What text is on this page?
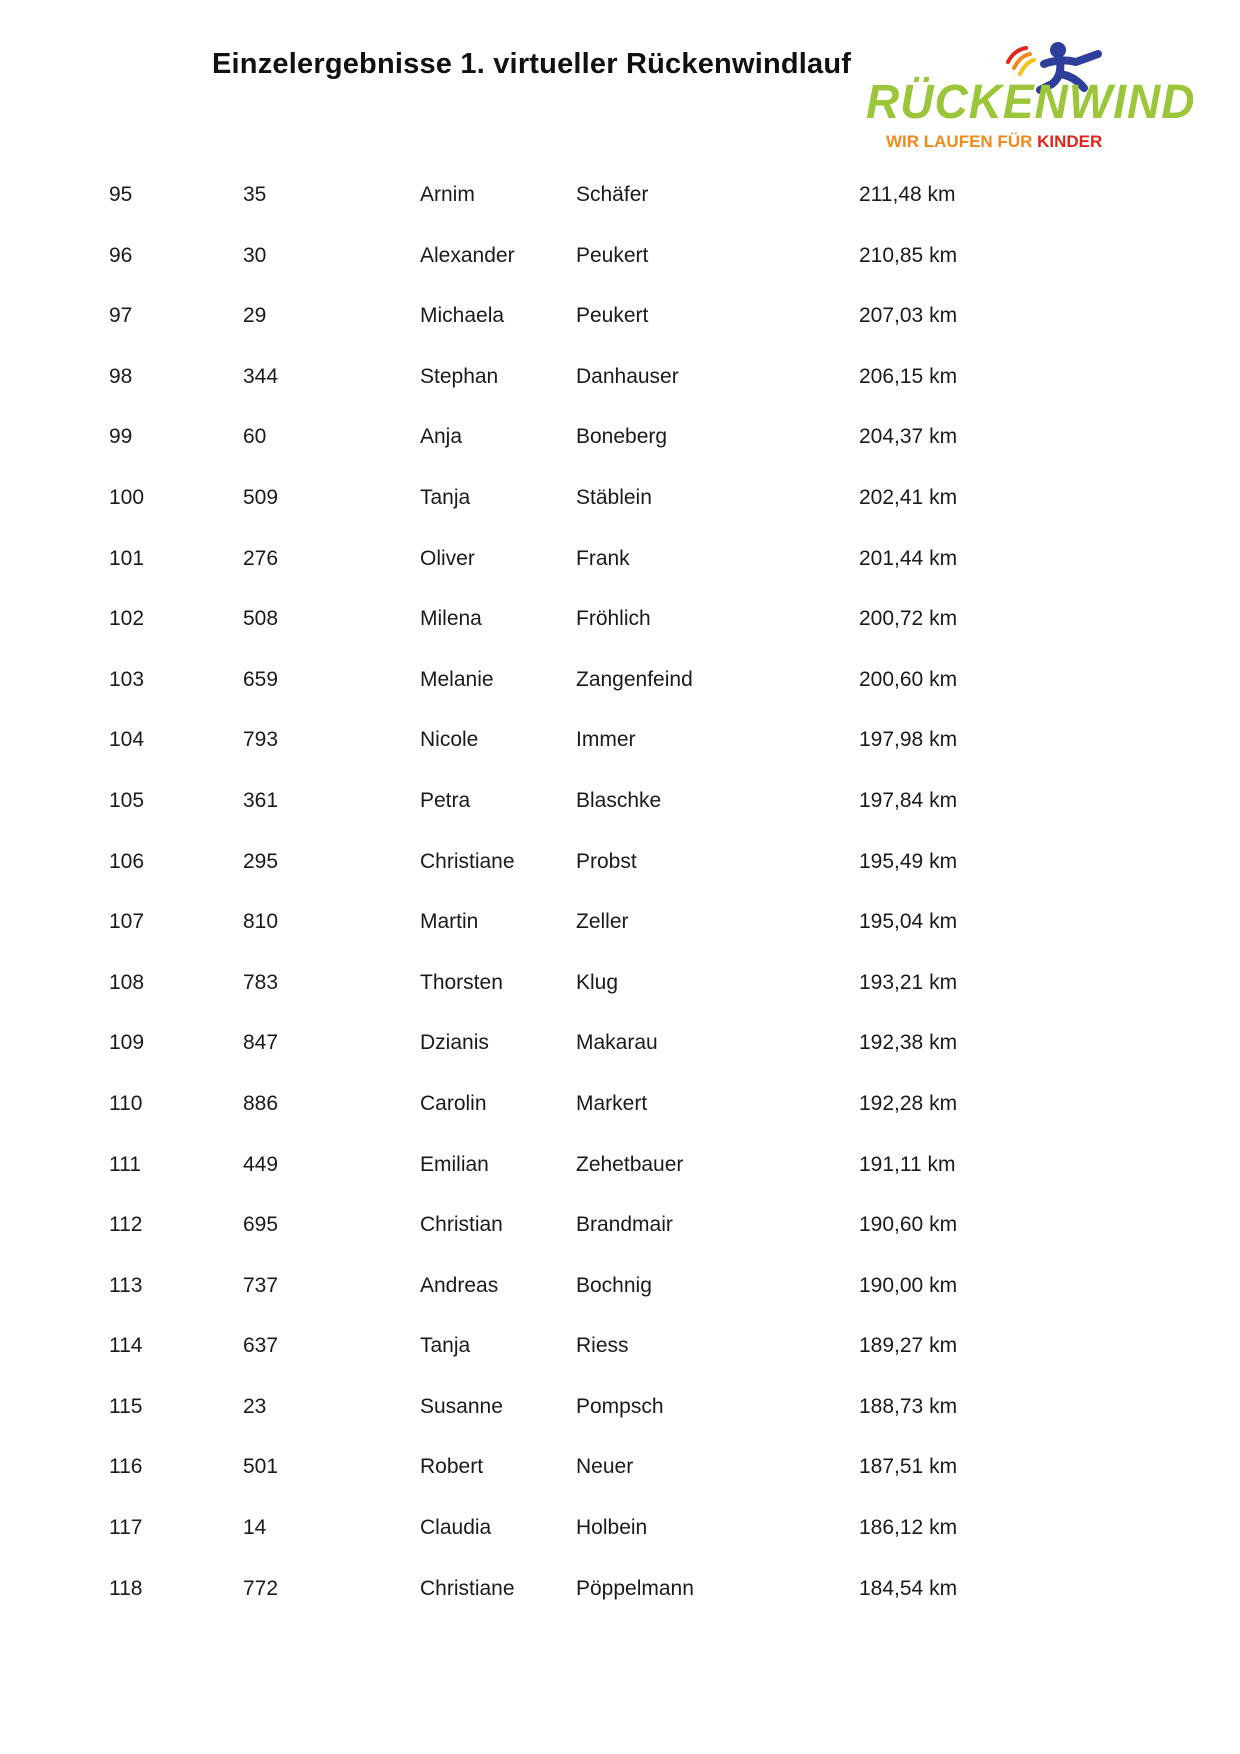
Einzelergebnisse 1. virtueller Rückenwindlauf
RÜCKENWIND
WIR LAUFEN FÜR KINDER
95	35	Arnim	Schäfer	211,48 km
96	30	Alexander	Peukert	210,85 km
97	29	Michaela	Peukert	207,03 km
98	344	Stephan	Danhauser	206,15 km
99	60	Anja	Boneberg	204,37 km
100	509	Tanja	Stäblein	202,41 km
101	276	Oliver	Frank	201,44 km
102	508	Milena	Fröhlich	200,72 km
103	659	Melanie	Zangenfeind	200,60 km
104	793	Nicole	Immer	197,98 km
105	361	Petra	Blaschke	197,84 km
106	295	Christiane	Probst	195,49 km
107	810	Martin	Zeller	195,04 km
108	783	Thorsten	Klug	193,21 km
109	847	Dzianis	Makarau	192,38 km
110	886	Carolin	Markert	192,28 km
111	449	Emilian	Zehetbauer	191,11 km
112	695	Christian	Brandmair	190,60 km
113	737	Andreas	Bochnig	190,00 km
114	637	Tanja	Riess	189,27 km
115	23	Susanne	Pompsch	188,73 km
116	501	Robert	Neuer	187,51 km
117	14	Claudia	Holbein	186,12 km
118	772	Christiane	Pöppelmann	184,54 km
